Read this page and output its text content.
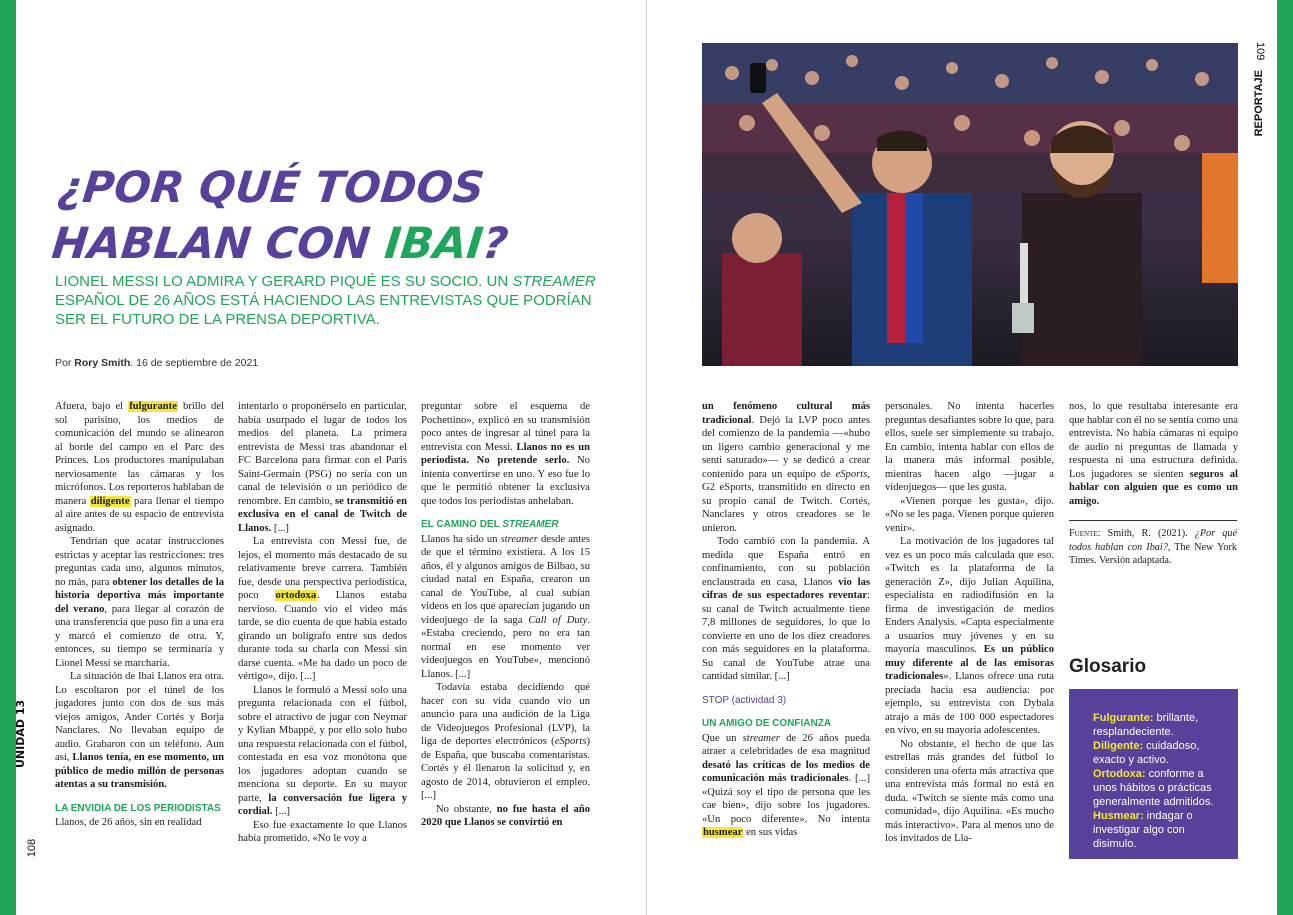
UNIDAD 13
108
109
REPORTAJE
¿POR QUÉ TODOS
HABLAN CON IBAI?
LIONEL MESSI LO ADMIRA Y GERARD PIQUÉ ES SU SOCIO. UN STREAMER ESPAÑOL DE 26 AÑOS ESTÁ HACIENDO LAS ENTREVISTAS QUE PODRÍAN SER EL FUTURO DE LA PRENSA DEPORTIVA.
Por Rory Smith. 16 de septiembre de 2021

Afuera, bajo el fulgurante brillo del sol parisino, los medios de comunicación del mundo se alinearon al borde del campo en el Parc des Princes. Los productores manipulaban nerviosamente las cámaras y los micrófonos. Los reporteros hablaban de manera diligente para llenar el tiempo al aire antes de su espacio de entrevista asignado.

Tendrían que acatar instrucciones estrictas y aceptar las restricciones: tres preguntas cada uno, algunos minutos, no más, para obtener los detalles de la historia deportiva más importante del verano, para llegar al corazón de una transferencia que puso fin a una era y marcó el comienzo de otra. Y, entonces, su tiempo se terminaría y Lionel Messi se marcharía.

La situación de Ibai Llanos era otra. Lo escoltaron por el túnel de los jugadores junto con dos de sus más viejos amigos, Ander Cortés y Borja Nanclares. No llevaban equipo de audio. Grabaron con un teléfono. Aun así, Llanos tenía, en ese momento, un público de medio millón de personas atentas a su transmisión.

LA ENVIDIA DE LOS PERIODISTAS

Llanos, de 26 años, sin en realidad

intentarlo o proponérselo en particular, había usurpado el lugar de todos los medios del planeta. La primera entrevista de Messi tras abandonar el FC Barcelona para firmar con el Paris Saint-Germain (PSG) no sería con un canal de televisión o un periódico de renombre. En cambio, se transmitió en exclusiva en el canal de Twitch de Llanos. [...]

La entrevista con Messi fue, de lejos, el momento más destacado de su relativamente breve carrera. También fue, desde una perspectiva periodística, poco ortodoxa. Llanos estaba nervioso. Cuando vio el video más tarde, se dio cuenta de que había estado girando un bolígrafo entre sus dedos durante toda su charla con Messi sin darse cuenta. «Me ha dado un poco de vértigo», dijo. [...]

Llanos le formuló a Messi solo una pregunta relacionada con el fútbol, sobre el atractivo de jugar con Neymar y Kylian Mbappé, y por ello solo hubo una respuesta relacionada con el fútbol, contestada en esa voz monótona que los jugadores adoptan cuando se menciona su deporte. En su mayor parte, la conversación fue ligera y cordial. [...]

Eso fue exactamente lo que Llanos había prometido. «No le voy a

preguntar sobre el esquema de Pochettino», explicó en su transmisión poco antes de ingresar al túnel para la entrevista con Messi. Llanos no es un periodista. No pretende serlo. No intenta convertirse en uno. Y eso fue lo que le permitió obtener la exclusiva que todos los periodistas anhelaban.

EL CAMINO DEL STREAMER

Llanos ha sido un streamer desde antes de que el término existiera. A los 15 años, él y algunos amigos de Bilbao, su ciudad natal en España, crearon un canal de YouTube, al cual subían videos en los que aparecían jugando un videojuego de la saga Call of Duty. «Estaba creciendo, pero no era tan normal en ese momento ver videojuegos en YouTube», mencionó Llanos. [...]

Todavía estaba decidiendo qué hacer con su vida cuando vio un anuncio para una audición de la Liga de Videojuegos Profesional (LVP), la liga de deportes electrónicos (eSports) de España, que buscaba comentaristas. Cortés y él llenaron la solicitud y, en agosto de 2014, obtuvieron el empleo. [...]

No obstante, no fue hasta el año 2020 que Llanos se convirtió en

un fenómeno cultural más tradicional. Dejó la LVP poco antes del comienzo de la pandemia —«hubo un ligero cambio generacional y me sentí saturado»— y se dedicó a crear contenido para un equipo de eSports, G2 eSports, transmitido en directo en su propio canal de Twitch. Cortés, Nanclares y otros creadores se le unieron.

Todo cambió con la pandemia. A medida que España entró en confinamiento, con su población enclaustrada en casa, Llanos vio las cifras de sus espectadores reventar: su canal de Twitch actualmente tiene 7,8 millones de seguidores, lo que lo convierte en uno de los diez creadores con más seguidores en la plataforma. Su canal de YouTube atrae una cantidad similar. [...]

STOP (actividad 3)
UN AMIGO DE CONFIANZA

Que un streamer de 26 años pueda atraer a celebridades de esa magnitud desató las críticas de los medios de comunicación más tradicionales. [...] «Quizá soy el tipo de persona que les cae bien», dijo sobre los jugadores. «Un poco diferente». No intenta husmear en sus vidas

personales. No intenta hacerles preguntas desafiantes sobre lo que, para ellos, suele ser simplemente su trabajo. En cambio, intenta hablar con ellos de la manera más informal posible, mientras hacen algo —jugar a videojuegos— que les gusta.

«Vienen porque les gusta», dijo. «No se les paga. Vienen porque quieren venir».

La motivación de los jugadores tal vez es un poco más calculada que eso. «Twitch es la plataforma de la generación Z», dijo Julian Aquilina, especialista en radiodifusión en la firma de investigación de medios Enders Analysis. «Capta especialmente a usuarios muy jóvenes y en su mayoría masculinos. Es un público muy diferente al de las emisoras tradicionales». Llanos ofrece una ruta preciada hacia esa audiencia: por ejemplo, su entrevista con Dybala atrajo a más de 100 000 espectadores en vivo, en su mayoría adolescentes.

No obstante, el hecho de que las estrellas más grandes del fútbol lo consideren una oferta más atractiva que una entrevista más formal no está en duda. «Twitch se siente más como una comunidad», dijo Aquilina. «Es mucho más interactivo». Para al menos uno de los invitados de Lla-

nos, lo que resultaba interesante era que hablar con él no se sentía como una entrevista. No había cámaras ni equipo de audio ni preguntas de llamada y respuesta ni una estructura definida. Los jugadores se sienten seguros al hablar con alguien que es como un amigo.

Fuente: Smith, R. (2021). ¿Por qué todos hablan con Ibai?, The New York Times. Versión adaptada.
Glosario

Fulgurante: brillante, resplandeciente.

Diligente: cuidadoso, exacto y activo.

Ortodoxa: conforme a unos hábitos o prácticas generalmente admitidos.

Husmear: indagar o investigar algo con disimulo.
